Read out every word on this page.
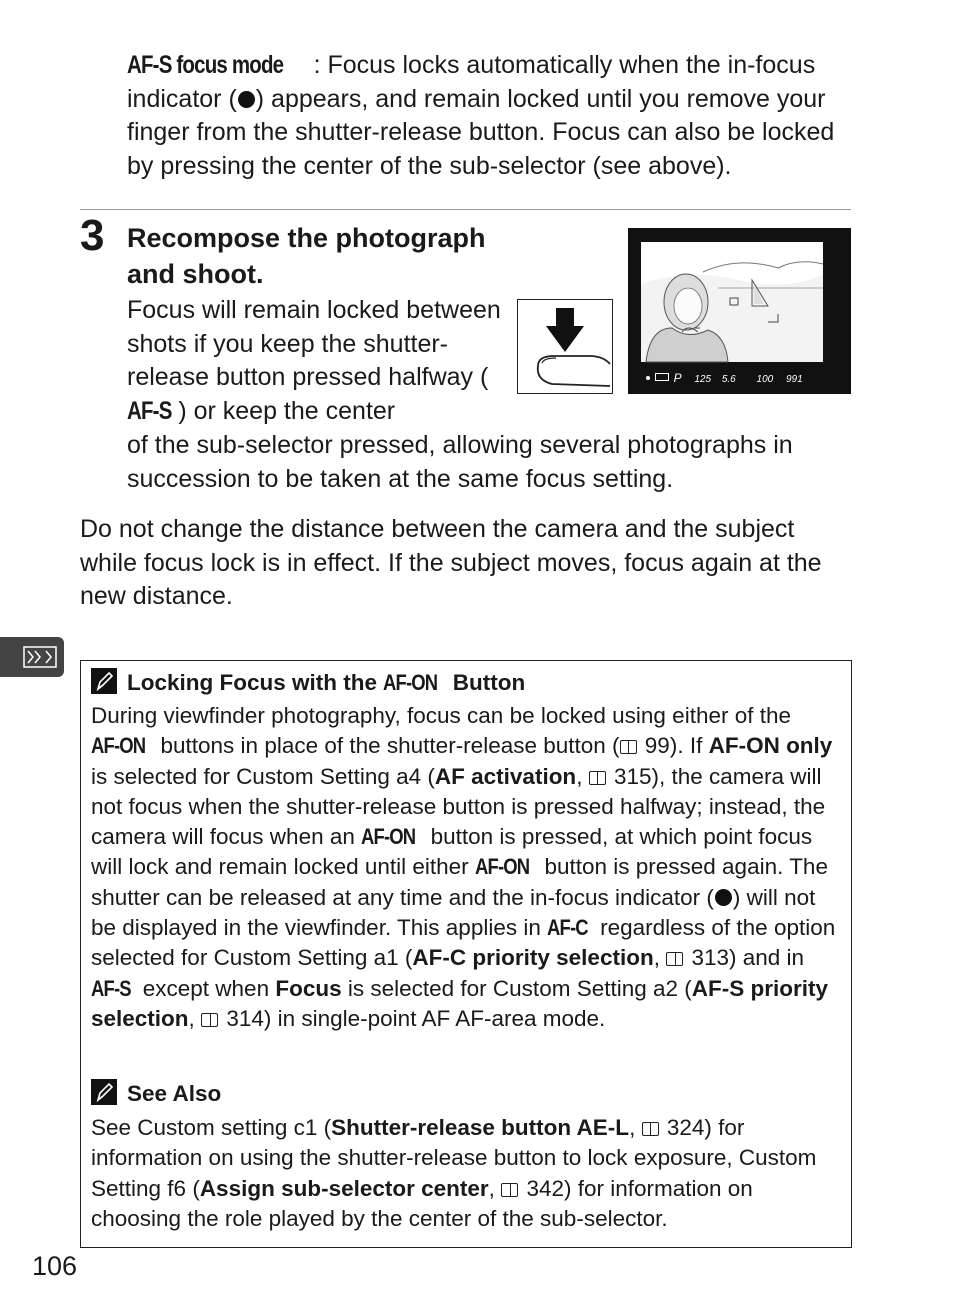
AF-S focus mode : Focus locks automatically when the in-focus indicator ( ) appears, and remain locked until you remove your finger from the shutter-release button. Focus can also be locked by pressing the center of the sub-selector (see above).
3 Recompose the photograph
and shoot.
Focus will remain locked between shots if you keep the shutter-release button pressed halfway (AF-S ) or keep the center
of the sub-selector pressed, allowing several photographs in succession to be taken at the same focus setting.
P 125 5.6 100 991
Do not change the distance between the camera and the subject while focus lock is in effect. If the subject moves, focus again at the new distance.
Locking Focus with the AF-ON Button
During viewfinder photography, focus can be locked using either of the AF-ON buttons in place of the shutter-release button ( 99). If AF-ON only is selected for Custom Setting a4 (AF activation,  315), the camera will not focus when the shutter-release button is pressed halfway; instead, the camera will focus when an AF-ON button is pressed, at which point focus will lock and remain locked until either AF-ON button is pressed again. The shutter can be released at any time and the in-focus indicator ( ) will not be displayed in the viewfinder. This applies in AF-C regardless of the option selected for Custom Setting a1 (AF-C priority selection,  313) and in AF-S except when Focus is selected for Custom Setting a2 (AF-S priority selection,  314) in single-point AF AF-area mode.
See Also
See Custom setting c1 (Shutter-release button AE-L,  324) for information on using the shutter-release button to lock exposure, Custom Setting f6 (Assign sub-selector center,  342) for information on choosing the role played by the center of the sub-selector.
106
